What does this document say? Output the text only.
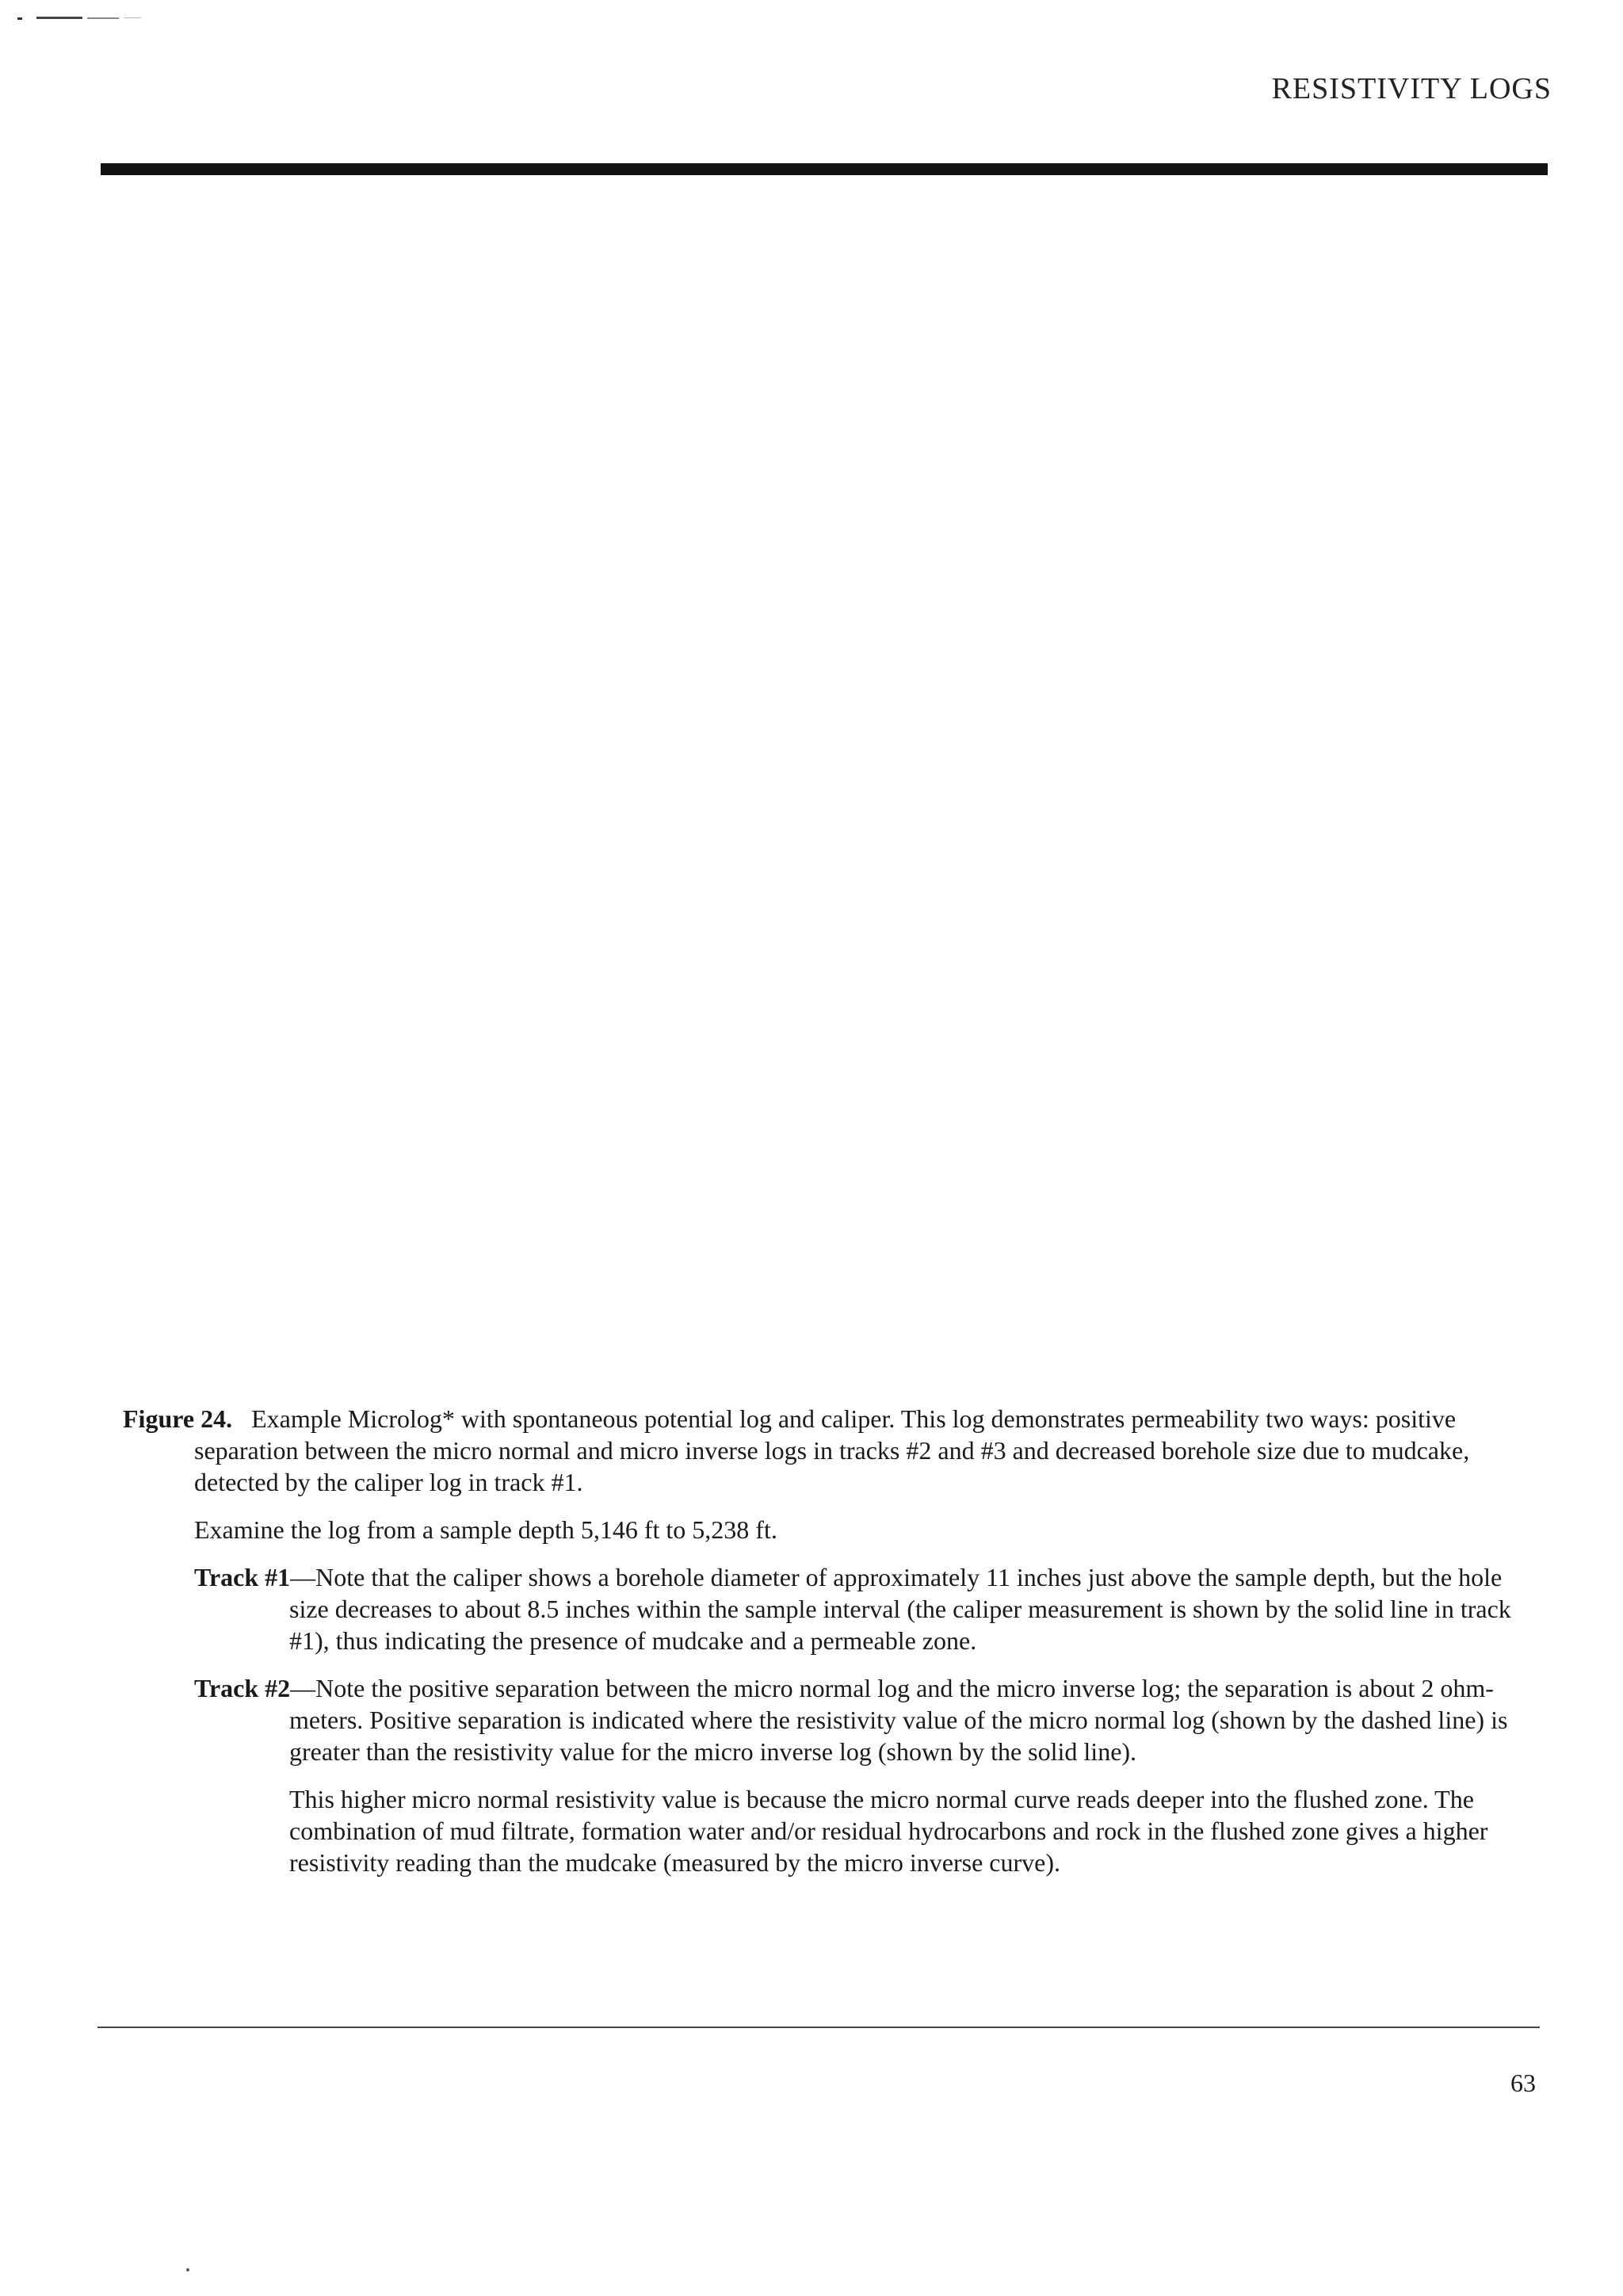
RESISTIVITY LOGS

Figure 24. Example Microlog* with spontaneous potential log and caliper. This log demonstrates permeability two ways: positive separation between the micro normal and micro inverse logs in tracks #2 and #3 and decreased borehole size due to mudcake, detected by the caliper log in track #1.

Examine the log from a sample depth 5,146 ft to 5,238 ft.

Track #1—Note that the caliper shows a borehole diameter of approximately 11 inches just above the sample depth, but the hole size decreases to about 8.5 inches within the sample interval (the caliper measurement is shown by the solid line in track #1), thus indicating the presence of mudcake and a permeable zone.

Track #2—Note the positive separation between the micro normal log and the micro inverse log; the separation is about 2 ohm-meters. Positive separation is indicated where the resistivity value of the micro normal log (shown by the dashed line) is greater than the resistivity value for the micro inverse log (shown by the solid line).

This higher micro normal resistivity value is because the micro normal curve reads deeper into the flushed zone. The combination of mud filtrate, formation water and/or residual hydrocarbons and rock in the flushed zone gives a higher resistivity reading than the mudcake (measured by the micro inverse curve).

63
